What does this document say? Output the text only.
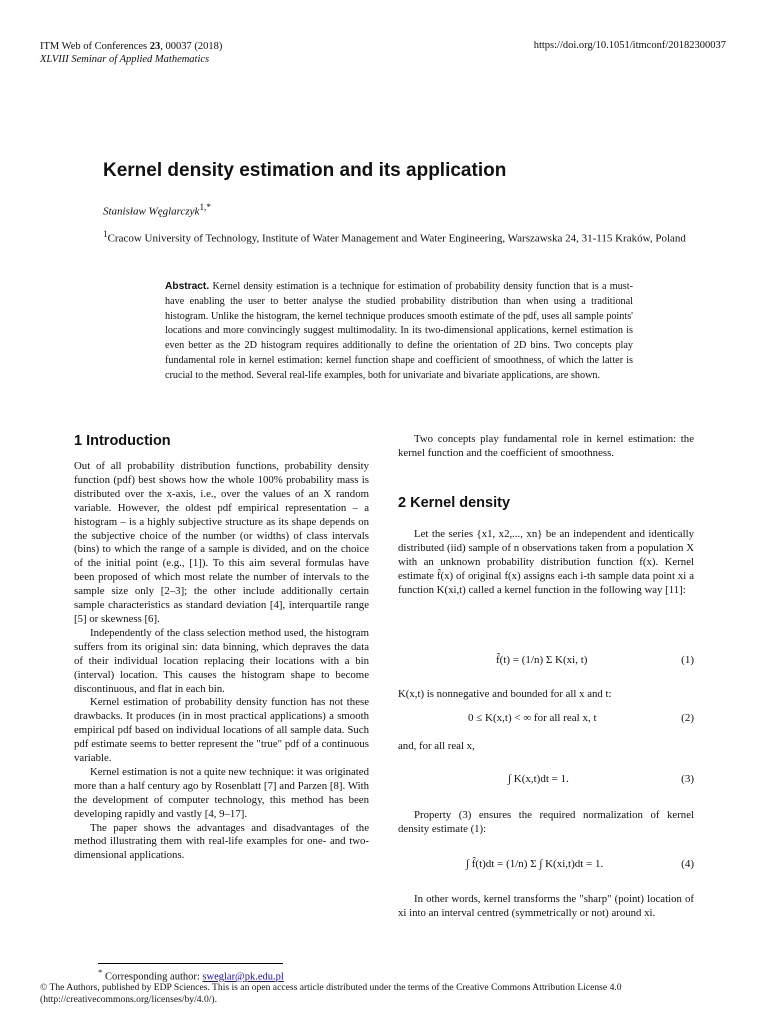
ITM Web of Conferences 23, 00037 (2018)
XLVIII Seminar of Applied Mathematics
https://doi.org/10.1051/itmconf/20182300037
Kernel density estimation and its application
Stanisław Węglarczyk$^{1,*}$
$^1$Cracow University of Technology, Institute of Water Management and Water Engineering, Warszawska 24, 31-115 Kraków, Poland
Abstract. Kernel density estimation is a technique for estimation of probability density function that is a must-have enabling the user to better analyse the studied probability distribution than when using a traditional histogram. Unlike the histogram, the kernel technique produces smooth estimate of the pdf, uses all sample points' locations and more convincingly suggest multimodality. In its two-dimensional applications, kernel estimation is even better as the 2D histogram requires additionally to define the orientation of 2D bins. Two concepts play fundamental role in kernel estimation: kernel function shape and coefficient of smoothness, of which the latter is crucial to the method. Several real-life examples, both for univariate and bivariate applications, are shown.
1 Introduction

Out of all probability distribution functions, probability density function (pdf) best shows how the whole 100% probability mass is distributed over the x-axis, i.e., over the values of an X random variable. However, the oldest pdf empirical representation – a histogram – is a highly subjective structure as its shape depends on the subjective choice of the number (or widths) of class intervals (bins) to which the range of a sample is divided, and on the choice of the initial point (e.g., [1]). To this aim several formulas have been proposed of which most relate the number of intervals to the sample size only [2–3]; the other include additionally certain sample characteristics as standard deviation [4], interquartile range [5] or skewness [6].

Independently of the class selection method used, the histogram suffers from its original sin: data binning, which depraves the data of their individual location replacing their locations with a bin (interval) location. This causes the histogram shape to become discontinuous, and flat in each bin.

Kernel estimation of probability density function has not these drawbacks. It produces (in in most practical applications) a smooth empirical pdf based on individual locations of all sample data. Such pdf estimate seems to better represent the "true" pdf of a continuous variable.

Kernel estimation is not a quite new technique: it was originated more than a half century ago by Rosenblatt [7] and Parzen [8]. With the development of computer technology, this method has been developing rapidly and vastly [4, 9–17].

The paper shows the advantages and disadvantages of the method illustrating them with real-life examples for one- and two-dimensional applications.

Two concepts play fundamental role in kernel estimation: the kernel function and the coefficient of smoothness.

2 Kernel density

Let the series {x1, x2,..., xn} be an independent and identically distributed (iid) sample of n observations taken from a population X with an unknown probability distribution function f(x). Kernel estimate f̂(x) of original f(x) assigns each i-th sample data point xi a function K(xi,t) called a kernel function in the following way [11]:

f̂(t) = (1/n) Σ K(xi, t)	(1)
K(x,t) is nonnegative and bounded for all x and t:
0 ≤ K(x,t) < ∞ for all real x, t	(2)
and, for all real x,
∫ K(x,t)dt = 1.	(3)

Property (3) ensures the required normalization of kernel density estimate (1):

∫ f̂(t)dt = (1/n) Σ ∫ K(xi,t)dt = 1.	(4)

In other words, kernel transforms the "sharp" (point) location of xi into an interval centred (symmetrically or not) around xi.

* Corresponding author: sweglar@pk.edu.pl
© The Authors, published by EDP Sciences. This is an open access article distributed under the terms of the Creative Commons Attribution License 4.0 (http://creativecommons.org/licenses/by/4.0/).
